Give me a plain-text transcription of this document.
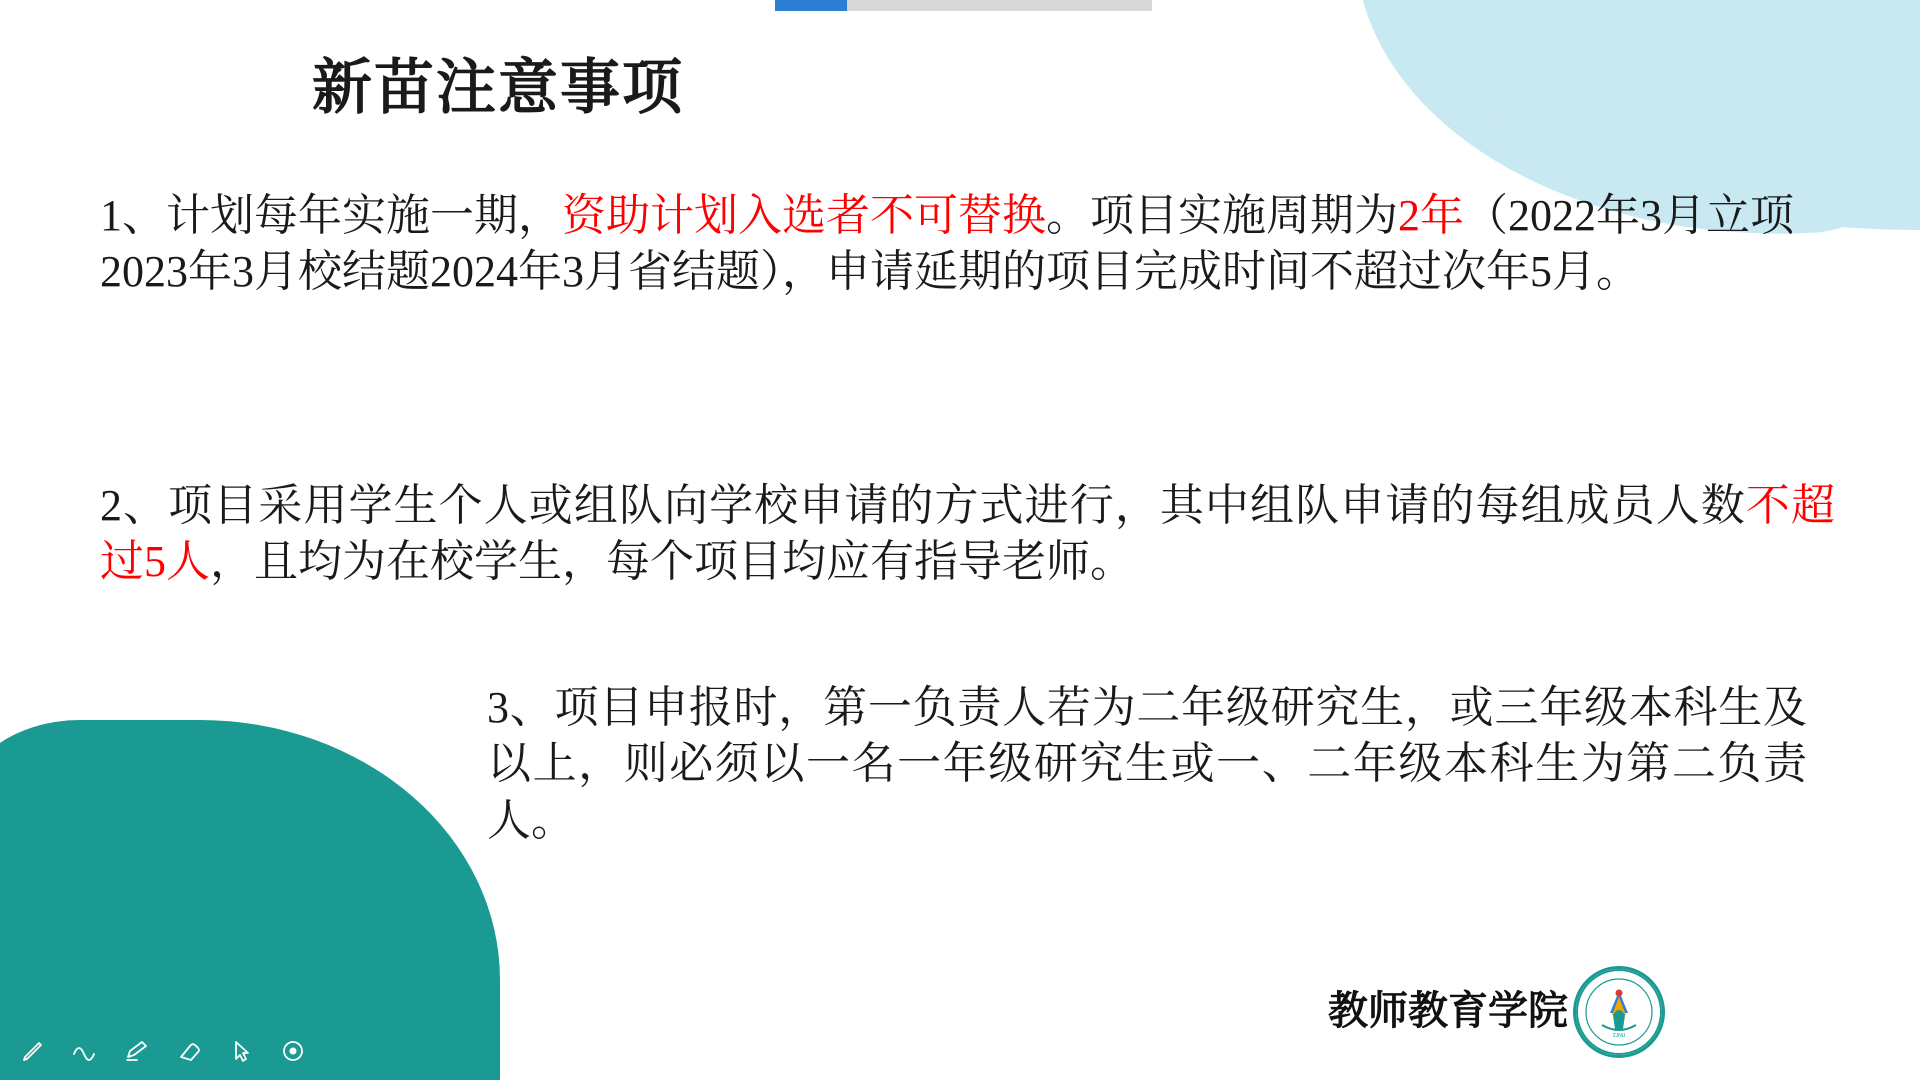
新苗注意事项
1、计划每年实施一期，资助计划入选者不可替换。项目实施周期为2年（2022年3月立项2023年3月校结题2024年3月省结题），申请延期的项目完成时间不超过次年5月。
2、项目采用学生个人或组队向学校申请的方式进行，其中组队申请的每组成员人数不超过5人，且均为在校学生，每个项目均应有指导老师。
3、项目申报时，第一负责人若为二年级研究生，或三年级本科生及以上，则必须以一名一年级研究生或一、二年级本科生为第二负责人。
教师教育学院
ZJNU
